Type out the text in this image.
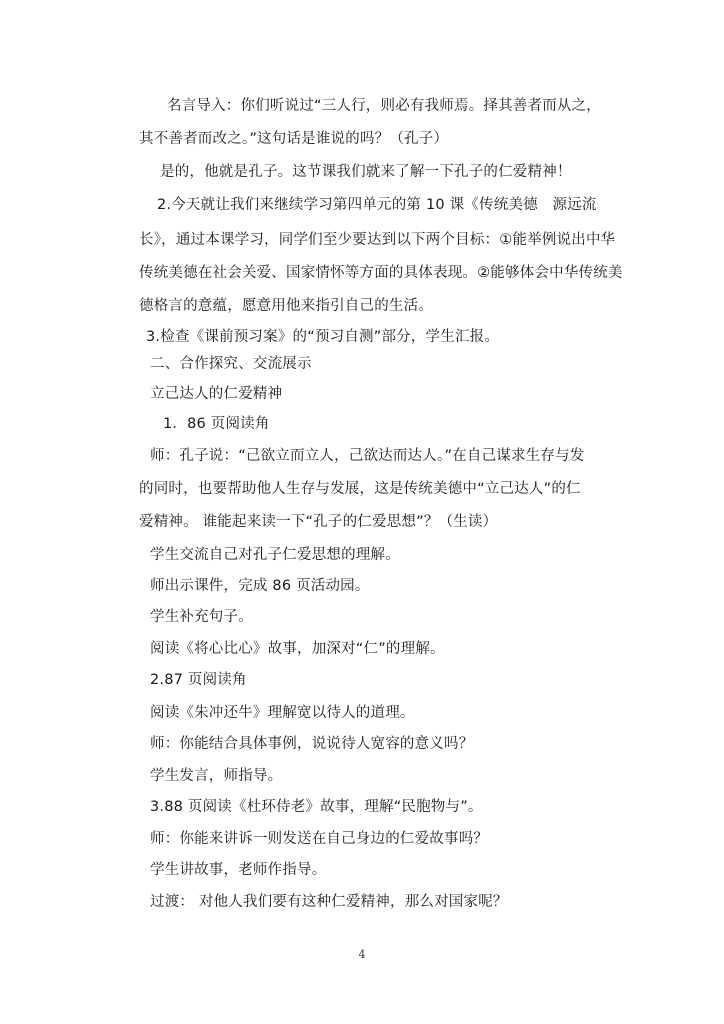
名言导入：你们听说过“三人行，则必有我师焉。择其善者而从之，
其不善者而改之。”这句话是谁说的吗？（孔子）
是的，他就是孔子。这节课我们就来了解一下孔子的仁爱精神！
2.今天就让我们来继续学习第四单元的第 10 课《传统美德　源远流
长》，通过本课学习，同学们至少要达到以下两个目标：①能举例说出中华
传统美德在社会关爱、国家情怀等方面的具体表现。②能够体会中华传统美
德格言的意蕴，愿意用他来指引自己的生活。
3.检查《课前预习案》的“预习自测”部分，学生汇报。
二、合作探究、交流展示
立己达人的仁爱精神
1．86 页阅读角
师：孔子说：“己欲立而立人，己欲达而达人。”在自己谋求生存与发
的同时，也要帮助他人生存与发展，这是传统美德中“立己达人”的仁
爱精神。 谁能起来读一下“孔子的仁爱思想”？（生读）
学生交流自己对孔子仁爱思想的理解。
师出示课件，完成 86 页活动园。
学生补充句子。
阅读《将心比心》故事，加深对“仁”的理解。
2.87 页阅读角
阅读《朱冲还牛》理解宽以待人的道理。
师：你能结合具体事例，说说待人宽容的意义吗？
学生发言，师指导。
3.88 页阅读《杜环侍老》故事，理解“民胞物与”。
师：你能来讲诉一则发送在自己身边的仁爱故事吗？
学生讲故事，老师作指导。
过渡： 对他人我们要有这种仁爱精神，那么对国家呢？
4
